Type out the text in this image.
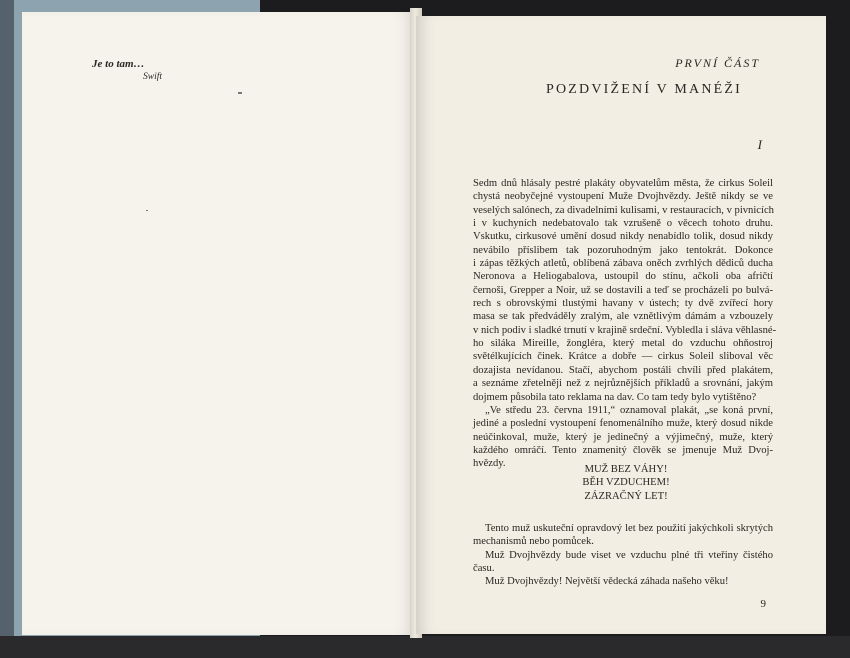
Je to tam…
Swift
PRVNÍ ČÁST
POZDVIŽENÍ V MANÉŽI
I
Sedm dnů hlásaly pestré plakáty obyvatelům města, že cirkus Soleil
chystá neobyčejné vystoupení Muže Dvojhvězdy. Ještě nikdy se ve
veselých salónech, za divadelními kulisami, v restauracích, v pivnicích
i v kuchyních nedebatovalo tak vzrušeně o věcech tohoto druhu.
Vskutku, cirkusové umění dosud nikdy nenabídlo tolik, dosud nikdy
nevábilo příslibem tak pozoruhodným jako tentokrát. Dokonce
i zápas těžkých atletů, oblíbená zábava oněch zvrhlých dědiců ducha
Neronova a Heliogabalova, ustoupil do stínu, ačkoli oba afričtí
černoši, Grepper a Noir, už se dostavili a teď se procházeli po bulvá-
rech s obrovskými tlustými havany v ústech; ty dvě zvířecí hory
masa se tak předváděly zralým, ale vznětlivým dámám a vzbouzely
v nich podiv i sladké trnutí v krajině srdeční. Vybledla i sláva věhlasné-
ho siláka Mireille, žongléra, který metal do vzduchu ohňostroj
světélkujících činek. Krátce a dobře — cirkus Soleil sliboval věc
dozajista nevídanou. Stačí, abychom postáli chvíli před plakátem,
a seznáme zřetelněji než z nejrůznějších příkladů a srovnání, jakým
dojmem působila tato reklama na dav. Co tam tedy bylo vytištěno?
„Ve středu 23. června 1911,“ oznamoval plakát, „se koná první,
jediné a poslední vystoupení fenomenálního muže, který dosud nikde
neúčinkoval, muže, který je jedinečný a výjimečný, muže, který
každého omráčí. Tento znamenitý člověk se jmenuje Muž Dvoj-
hvězdy.
MUŽ BEZ VÁHY!
BĚH VZDUCHEM!
ZÁZRAČNÝ LET!
Tento muž uskuteční opravdový let bez použití jakýchkoli skrytých
mechanismů nebo pomůcek.
Muž Dvojhvězdy bude viset ve vzduchu plné tři vteřiny čistého
času.
Muž Dvojhvězdy! Největší vědecká záhada našeho věku!
9
